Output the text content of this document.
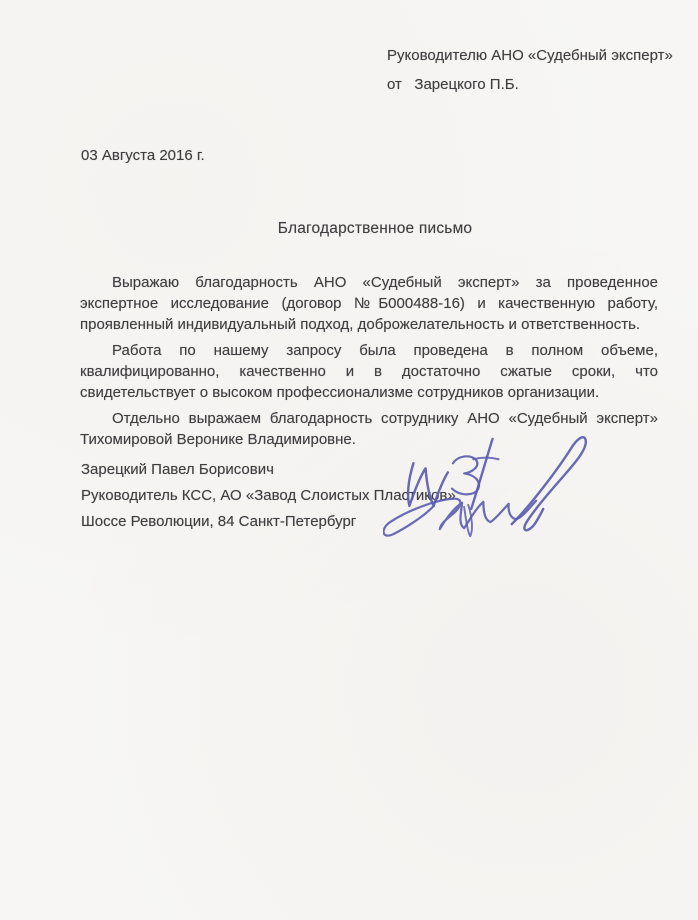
Руководителю АНО «Судебный эксперт»

от   Зарецкого П.Б.

03 Августа 2016 г.

Благодарственное письмо

Выражаю благодарность АНО «Судебный эксперт» за проведенное экспертное исследование (договор №Б000488-16) и качественную работу, проявленный индивидуальный подход, доброжелательность и ответственность.

Работа по нашему запросу была проведена в полном объеме, квалифицированно, качественно и в достаточно сжатые сроки, что свидетельствует о высоком профессионализме сотрудников организации.

Отдельно выражаем благодарность сотруднику АНО «Судебный эксперт» Тихомировой Веронике Владимировне.

Зарецкий Павел Борисович

Руководитель КСС, АО «Завод Слоистых Пластиков»

Шоссе Революции, 84 Санкт-Петербург
